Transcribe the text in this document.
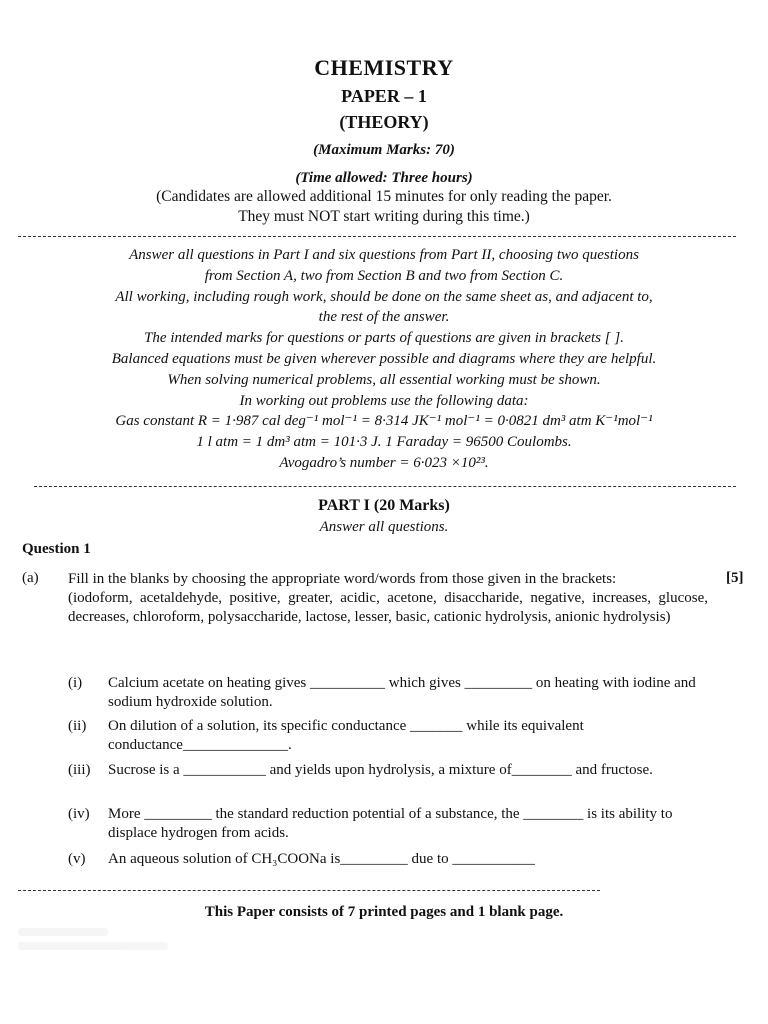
CHEMISTRY
PAPER – 1
(THEORY)
(Maximum Marks: 70)
(Time allowed: Three hours)
(Candidates are allowed additional 15 minutes for only reading the paper.
They must NOT start writing during this time.)
Answer all questions in Part I and six questions from Part II, choosing two questions
from Section A, two from Section B and two from Section C.
All working, including rough work, should be done on the same sheet as, and adjacent to,
the rest of the answer.
The intended marks for questions or parts of questions are given in brackets [ ].
Balanced equations must be given wherever possible and diagrams where they are helpful.
When solving numerical problems, all essential working must be shown.
In working out problems use the following data:
Gas constant R = 1·987 cal deg⁻¹ mol⁻¹ = 8·314 JK⁻¹ mol⁻¹ = 0·0821 dm³ atm K⁻¹mol⁻¹
1 l atm = 1 dm³ atm = 101·3 J. 1 Faraday = 96500 Coulombs.
Avogadro’s number = 6·023 ×10²³.
PART I (20 Marks)
Answer all questions.
Question 1
(a) Fill in the blanks by choosing the appropriate word/words from those given in the brackets:
(iodoform, acetaldehyde, positive, greater, acidic, acetone, disaccharide, negative, increases, glucose, decreases, chloroform, polysaccharide, lactose, lesser, basic, cationic hydrolysis, anionic hydrolysis)
[5]
(i)	Calcium acetate on heating gives __________ which gives _________ on heating with iodine and sodium hydroxide solution.
(ii)	On dilution of a solution, its specific conductance _______ while its equivalent conductance______________.
(iii)	Sucrose is a ___________ and yields upon hydrolysis, a mixture of________ and fructose.
(iv)	More _________ the standard reduction potential of a substance, the ________ is its ability to displace hydrogen from acids.
(v)	An aqueous solution of CH₃COONa is_________ due to ___________
This Paper consists of 7 printed pages and 1 blank page.
